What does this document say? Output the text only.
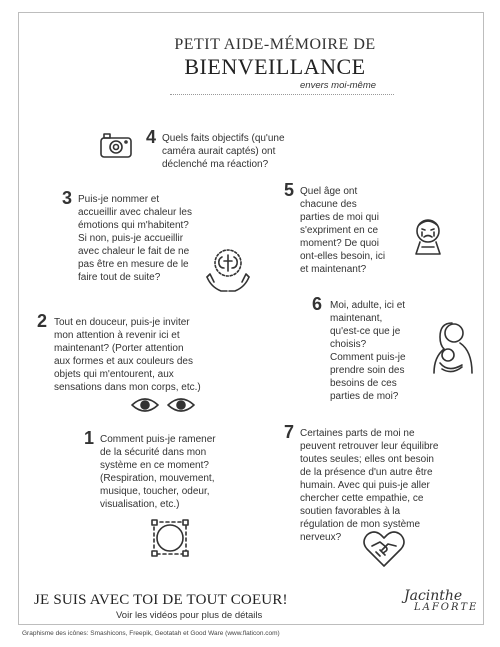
PETIT AIDE-MÉMOIRE DE
BIENVEILLANCE
envers moi-même
4 Quels faits objectifs (qu'une
caméra aurait captés) ont
déclenché ma réaction?
3 Puis-je nommer et
accueillir avec chaleur les
émotions qui m'habitent?
Si non, puis-je accueillir
avec chaleur le fait de ne
pas être en mesure de le
faire tout de suite?
5 Quel âge ont
chacune des
parties de moi qui
s'expriment en ce
moment? De quoi
ont-elles besoin, ici
et maintenant?
2 Tout en douceur, puis-je inviter
mon attention à revenir ici et
maintenant? (Porter attention
aux formes et aux couleurs des
objets qui m'entourent, aux
sensations dans mon corps, etc.)
6 Moi, adulte, ici et
maintenant,
qu'est-ce que je
choisis?
Comment puis-je
prendre soin des
besoins de ces
parties de moi?
1 Comment puis-je ramener
de la sécurité dans mon
système en ce moment?
(Respiration, mouvement,
musique, toucher, odeur,
visualisation, etc.)
7 Certaines parts de moi ne
peuvent retrouver leur équilibre
toutes seules; elles ont besoin
de la présence d'un autre être
humain. Avec qui puis-je aller
chercher cette empathie, ce
soutien favorables à la
régulation de mon système
nerveux?
JE SUIS AVEC TOI DE TOUT COEUR!
Voir les vidéos pour plus de détails
Jacinthe
LAFORTE
Graphisme des icônes: Smashicons, Freepik, Geotatah et Good Ware (www.flaticon.com)
